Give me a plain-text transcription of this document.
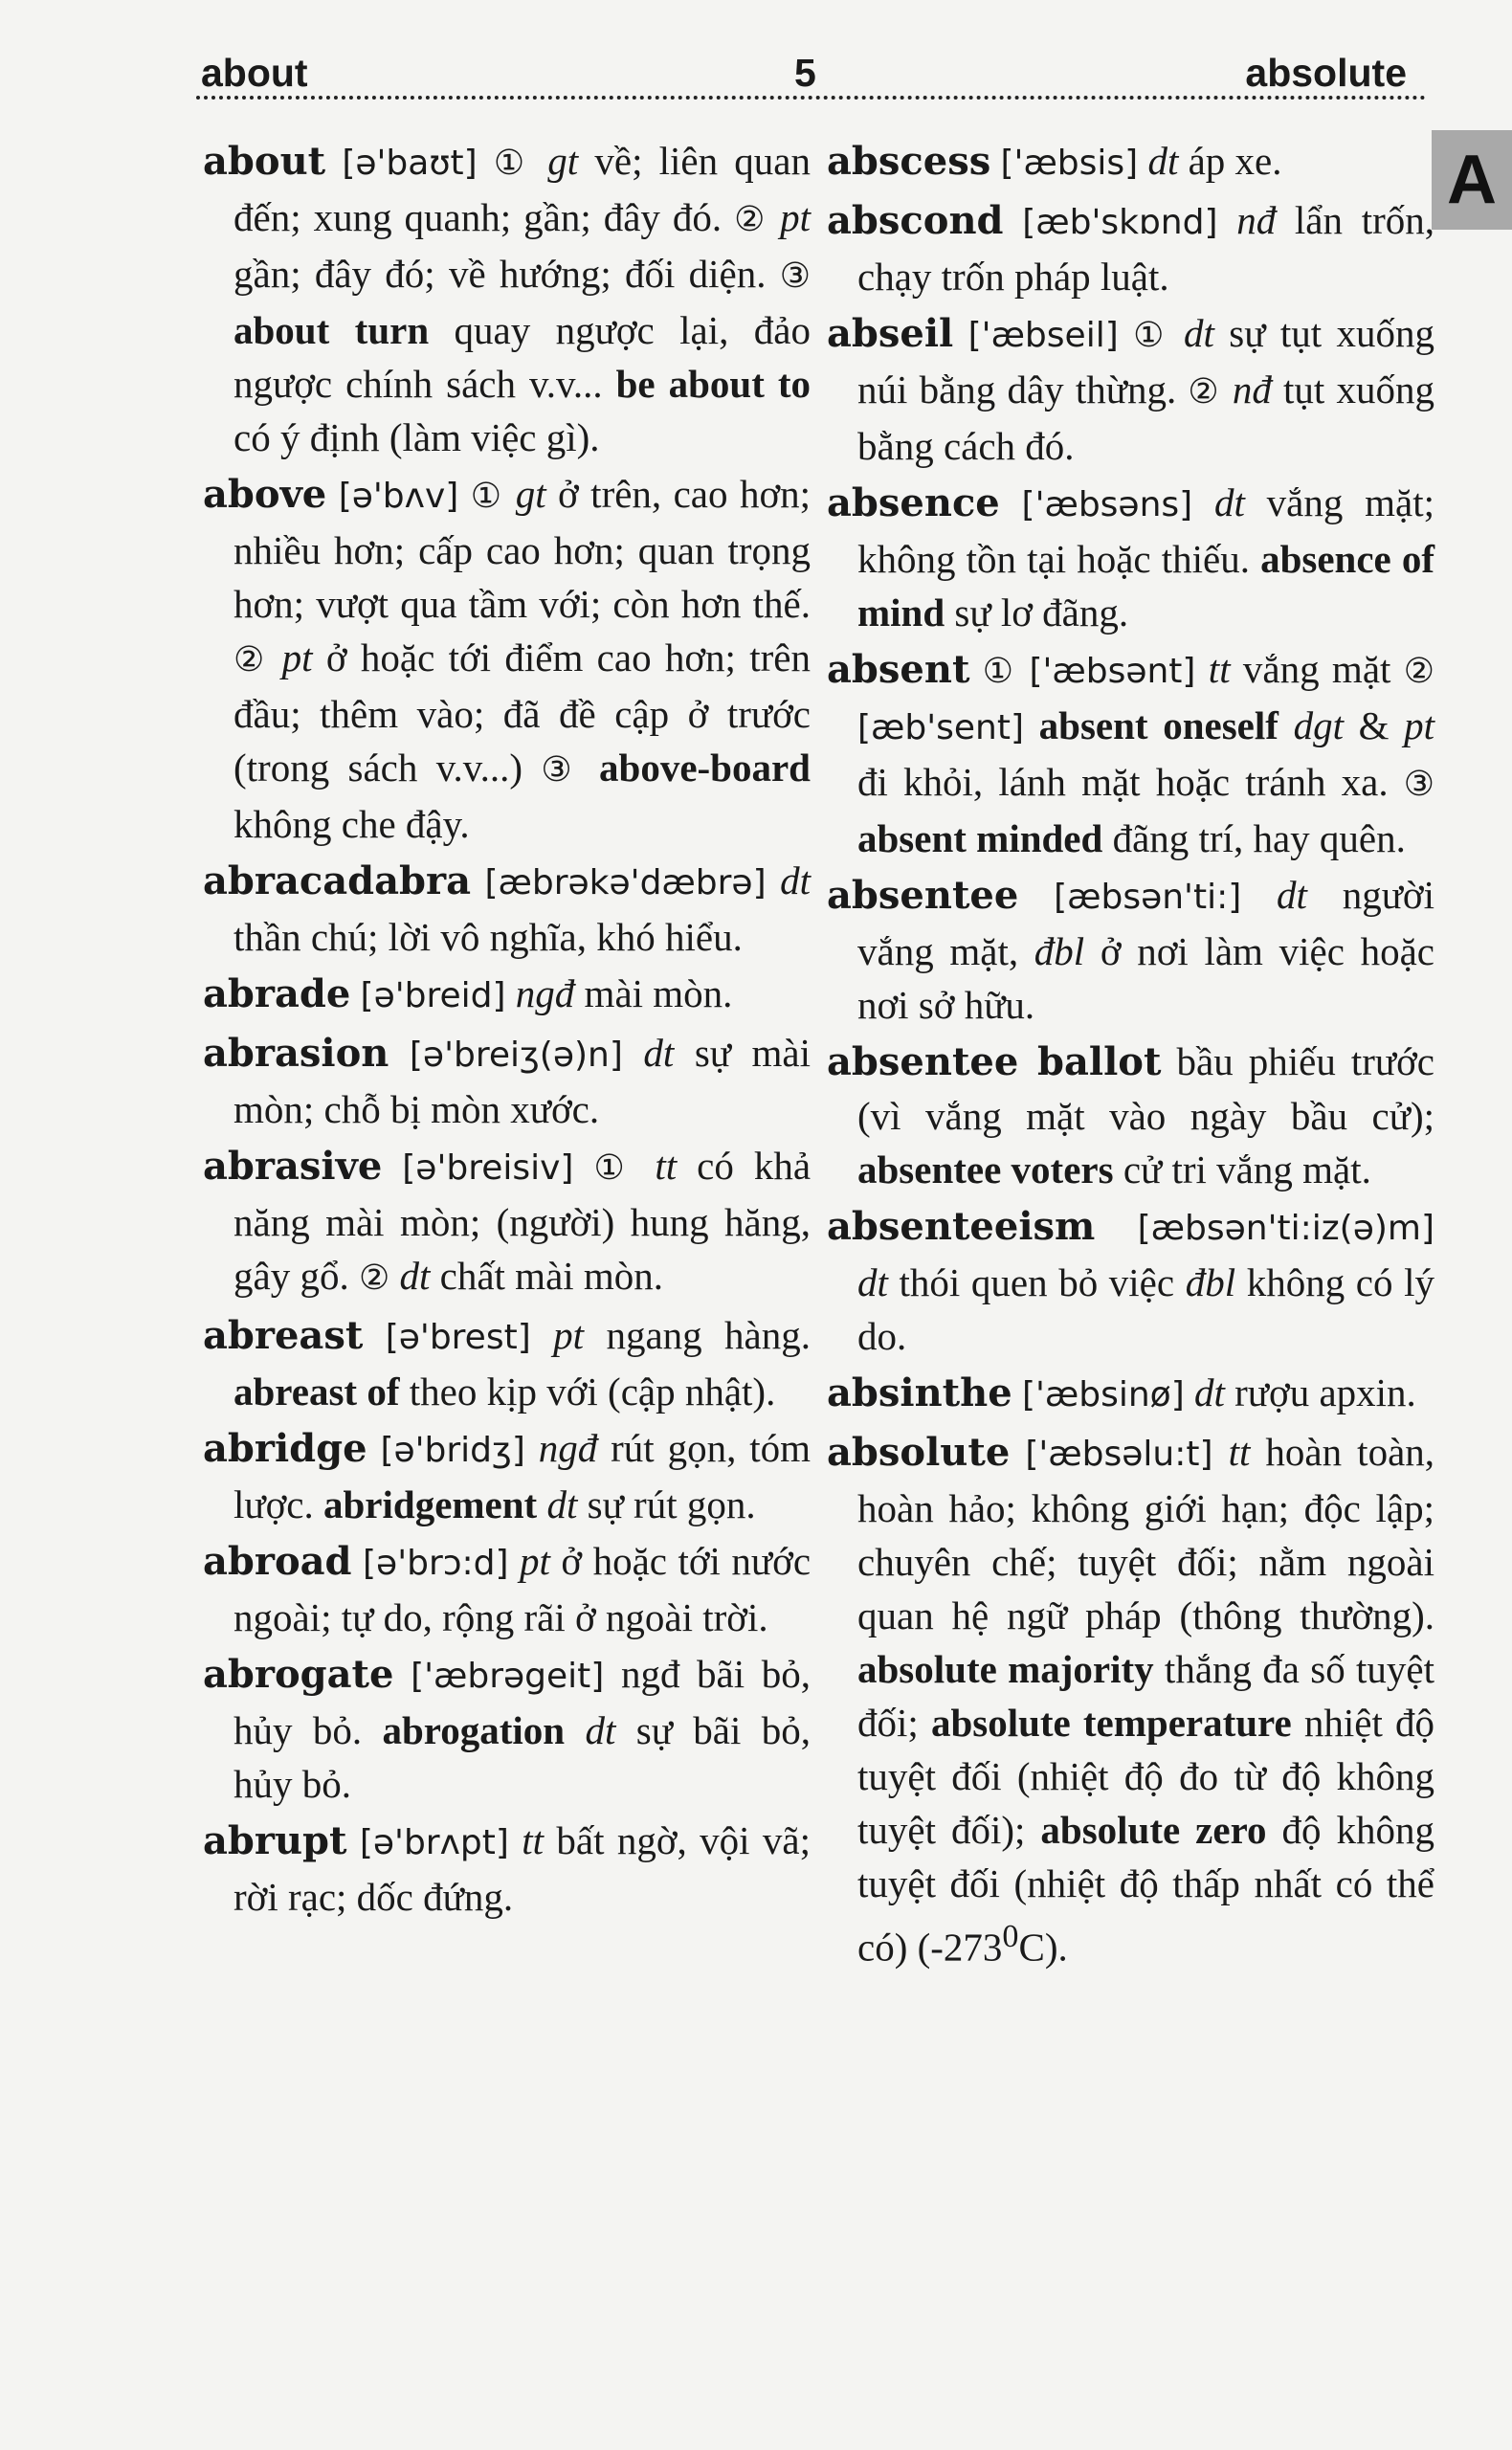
about	5	absolute
A

about [ə'baʊt] ① gt về; liên quan đến; xung quanh; gần; đây đó. ② pt gần; đây đó; về hướng; đối diện. ③ about turn quay ngược lại, đảo ngược chính sách v.v... be about to có ý định (làm việc gì).

above [ə'bʌv] ① gt ở trên, cao hơn; nhiều hơn; cấp cao hơn; quan trọng hơn; vượt qua tầm với; còn hơn thế. ② pt ở hoặc tới điểm cao hơn; trên đầu; thêm vào; đã đề cập ở trước (trong sách v.v...) ③ above-board không che đậy.

abracadabra [æbrəkə'dæbrə] dt thần chú; lời vô nghĩa, khó hiểu.

abrade [ə'breid] ngđ mài mòn.

abrasion [ə'breiʒ(ə)n] dt sự mài mòn; chỗ bị mòn xước.

abrasive [ə'breisiv] ① tt có khả năng mài mòn; (người) hung hăng, gây gổ. ② dt chất mài mòn.

abreast [ə'brest] pt ngang hàng. abreast of theo kịp với (cập nhật).

abridge [ə'bridʒ] ngđ rút gọn, tóm lược. abridgement dt sự rút gọn.

abroad [ə'brɔ:d] pt ở hoặc tới nước ngoài; tự do, rộng rãi ở ngoài trời.

abrogate ['æbrəgeit] ngđ bãi bỏ, hủy bỏ. abrogation dt sự bãi bỏ, hủy bỏ.

abrupt [ə'brʌpt] tt bất ngờ, vội vã; rời rạc; dốc đứng.

abscess ['æbsis] dt áp xe.

abscond [æb'skɒnd] nđ lẩn trốn, chạy trốn pháp luật.

abseil ['æbseil] ① dt sự tụt xuống núi bằng dây thừng. ② nđ tụt xuống bằng cách đó.

absence ['æbsəns] dt vắng mặt; không tồn tại hoặc thiếu. absence of mind sự lơ đãng.

absent ① ['æbsənt] tt vắng mặt ② [æb'sent] absent oneself dgt & pt đi khỏi, lánh mặt hoặc tránh xa. ③ absent minded đãng trí, hay quên.

absentee [æbsən'ti:] dt người vắng mặt, đbl ở nơi làm việc hoặc nơi sở hữu.

absentee ballot bầu phiếu trước (vì vắng mặt vào ngày bầu cử); absentee voters cử tri vắng mặt.

absenteeism [æbsən'ti:iz(ə)m] dt thói quen bỏ việc đbl không có lý do.

absinthe ['æbsinø] dt rượu apxin.

absolute ['æbsəlu:t] tt hoàn toàn, hoàn hảo; không giới hạn; độc lập; chuyên chế; tuyệt đối; nằm ngoài quan hệ ngữ pháp (thông thường). absolute majority thắng đa số tuyệt đối; absolute temperature nhiệt độ tuyệt đối (nhiệt độ đo từ độ không tuyệt đối); absolute zero độ không tuyệt đối (nhiệt độ thấp nhất có thể có) $(-273^0C)$.
